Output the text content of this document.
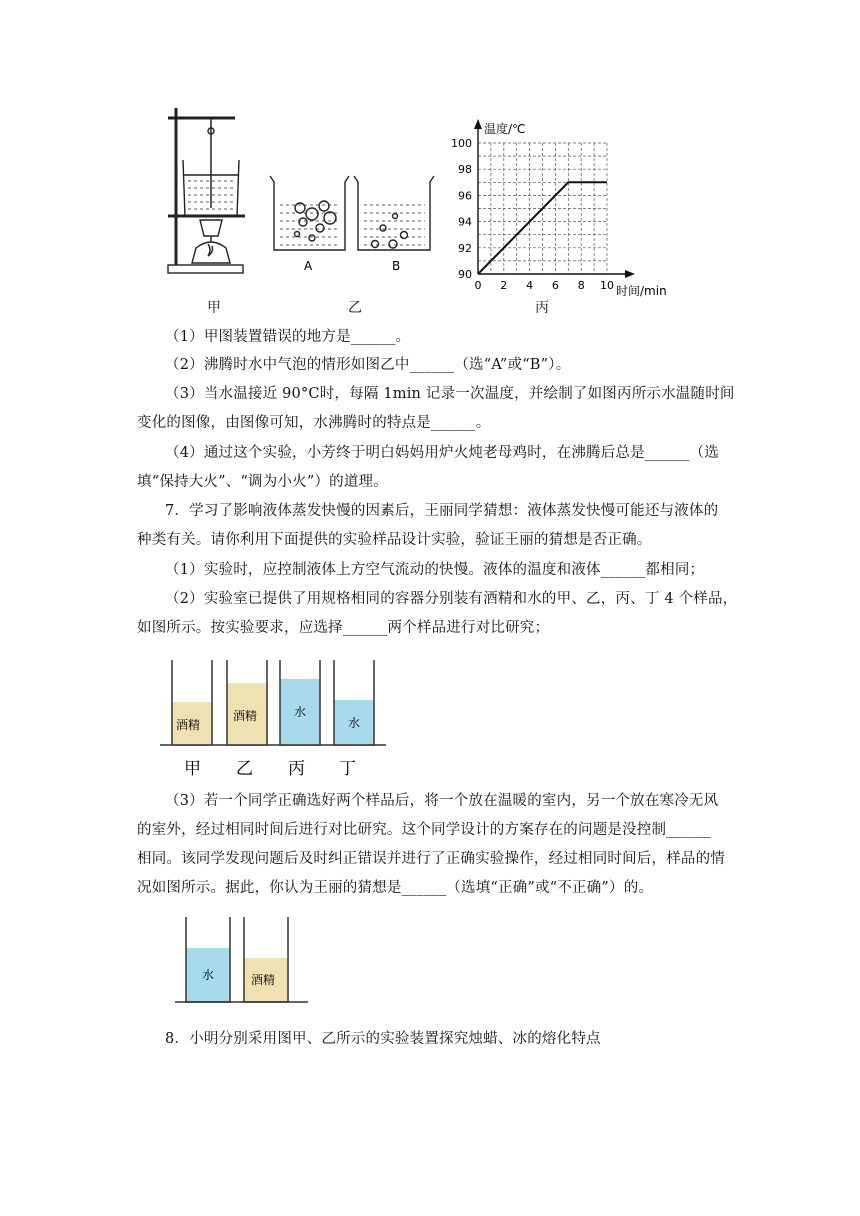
A	B
90
92
94
96
98
100
0 2 4 6 8 10
温度/℃
时间/min
甲	乙	丙
（1）甲图装置错误的地方是______。
（2）沸腾时水中气泡的情形如图乙中______（选“A”或“B”）。
（3）当水温接近 90°C时，每隔 1min 记录一次温度，并绘制了如图丙所示水温随时间
变化的图像，由图像可知，水沸腾时的特点是______。
（4）通过这个实验，小芳终于明白妈妈用炉火炖老母鸡时，在沸腾后总是______（选
填“保持大火”、“调为小火”）的道理。
7．学习了影响液体蒸发快慢的因素后，王丽同学猜想：液体蒸发快慢可能还与液体的
种类有关。请你利用下面提供的实验样品设计实验，验证王丽的猜想是否正确。
（1）实验时，应控制液体上方空气流动的快慢。液体的温度和液体______都相同；
（2）实验室已提供了用规格相同的容器分别装有酒精和水的甲、乙，丙、丁 4 个样品，
如图所示。按实验要求，应选择______两个样品进行对比研究；
酒精
酒精	水
水
甲 乙 丙 丁
（3）若一个同学正确选好两个样品后，将一个放在温暖的室内，另一个放在寒冷无风
的室外，经过相同时间后进行对比研究。这个同学设计的方案存在的问题是没控制______
相同。该同学发现问题后及时纠正错误并进行了正确实验操作，经过相同时间后，样品的情
况如图所示。据此，你认为王丽的猜想是______（选填“正确”或“不正确”）的。
水	酒精
8．小明分别采用图甲、乙所示的实验装置探究烛蜡、冰的熔化特点
